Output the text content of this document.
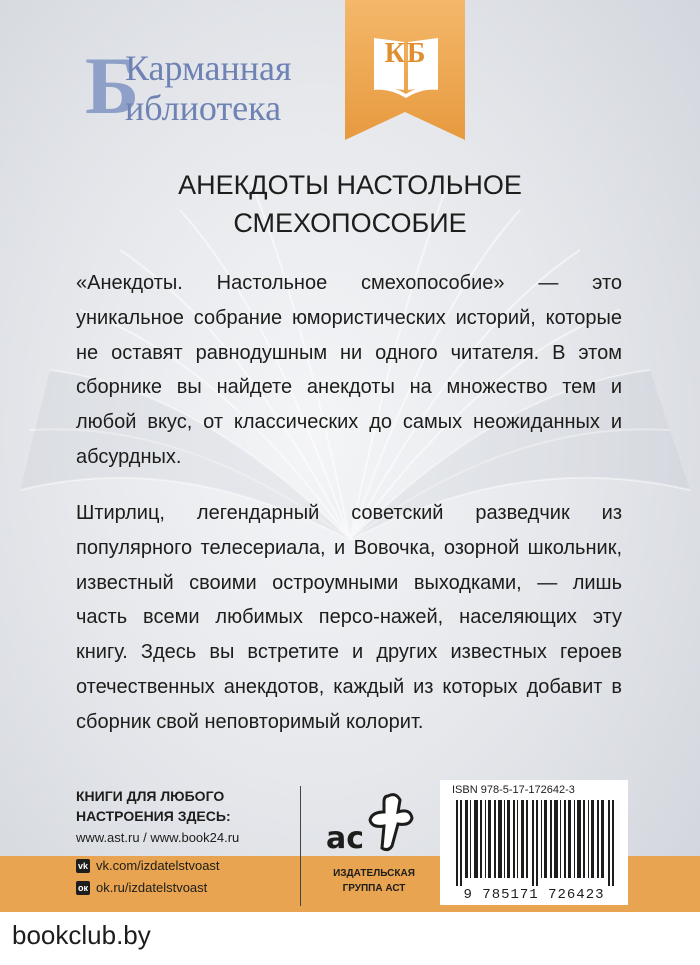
Б
Карманная
иблиотека
КБ
АНЕКДОТЫ НАСТОЛЬНОЕ
СМЕХОПОСОБИЕ

«Анекдоты. Настольное смехопособие» — это уникальное собрание юмористических историй, которые не оставят равнодушным ни одного читателя. В этом сборнике вы найдете анекдоты на множество тем и любой вкус, от классических до самых неожиданных и абсурдных.

Штирлиц, легендарный советский разведчик из популярного телесериала, и Вовочка, озорной школьник, известный своими остроумными выходками, — лишь часть всеми любимых персо-нажей, населяющих эту книгу. Здесь вы встретите и других известных героев отечественных анекдотов, каждый из которых добавит в сборник свой неповторимый колорит.

КНИГИ ДЛЯ ЛЮБОГО
НАСТРОЕНИЯ ЗДЕСЬ:
www.ast.ru / www.book24.ru
vk vk.com/izdatelstvoast
ок ok.ru/izdatelstvoast
ac
ИЗДАТЕЛЬСКАЯ
ГРУППА АСТ
ISBN 978-5-17-172642-3
9 785171 726423
bookclub.by
